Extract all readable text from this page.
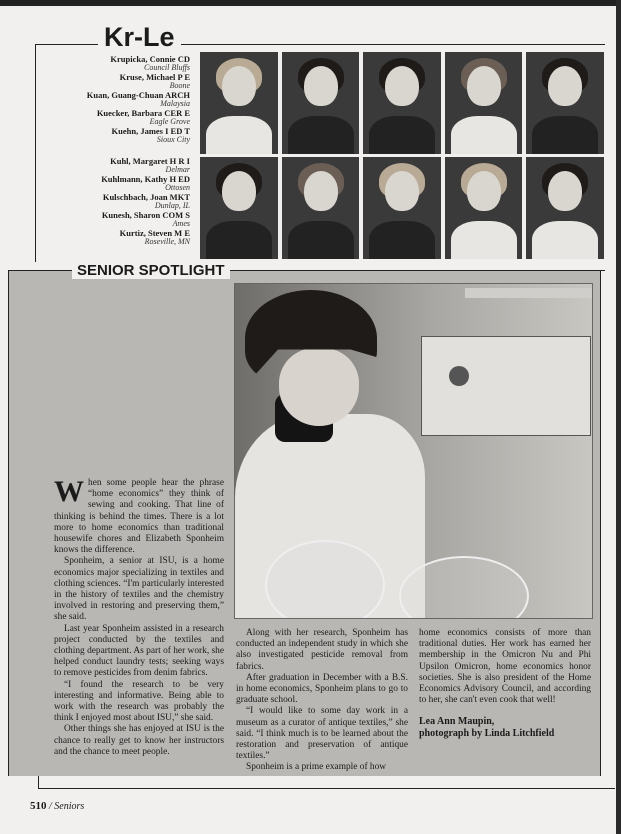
Kr-Le
Krupicka, Connie CD
Council Bluffs
Kruse, Michael P E
Boone
Kuan, Guang-Chuan ARCH
Malaysia
Kuecker, Barbara CER E
Eagle Grove
Kuehn, James I ED T
Sioux City
Kuhl, Margaret H R I
Delmar
Kuhlmann, Kathy H ED
Ottosen
Kulschbach, Joan MKT
Dunlap, IL
Kunesh, Sharon COM S
Ames
Kurtiz, Steven M E
Roseville, MN
SENIOR SPOTLIGHT

When some people hear the phrase “home economics” they think of sewing and cooking. That line of thinking is behind the times. There is a lot more to home economics than traditional housewife chores and Elizabeth Sponheim knows the difference.

Sponheim, a senior at ISU, is a home economics major specializing in textiles and clothing sciences. “I'm particularly interested in the history of textiles and the chemistry involved in restoring and preserving them,” she said.

Last year Sponheim assisted in a research project conducted by the textiles and clothing department. As part of her work, she helped conduct laundry tests; seeking ways to remove pesticides from denim fabrics.

“I found the research to be very interesting and informative. Being able to work with the research was probably the think I enjoyed most about ISU,” she said.

Other things she has enjoyed at ISU is the chance to really get to know her instructors and the chance to meet people.

Along with her research, Sponheim has conducted an independent study in which she also investigated pesticide removal from fabrics.

After graduation in December with a B.S. in home economics, Sponheim plans to go to graduate school.

“I would like to some day work in a museum as a curator of antique textiles,” she said. “I think much is to be learned about the restoration and preservation of antique textiles.”

Sponheim is a prime example of how

home economics consists of more than traditional duties. Her work has earned her membership in the Omicron Nu and Phi Upsilon Omicron, home economics honor societies. She is also president of the Home Economics Advisory Council, and according to her, she can't even cook that well!

Lea Ann Maupin,
photograph by Linda Litchfield
510 / Seniors
